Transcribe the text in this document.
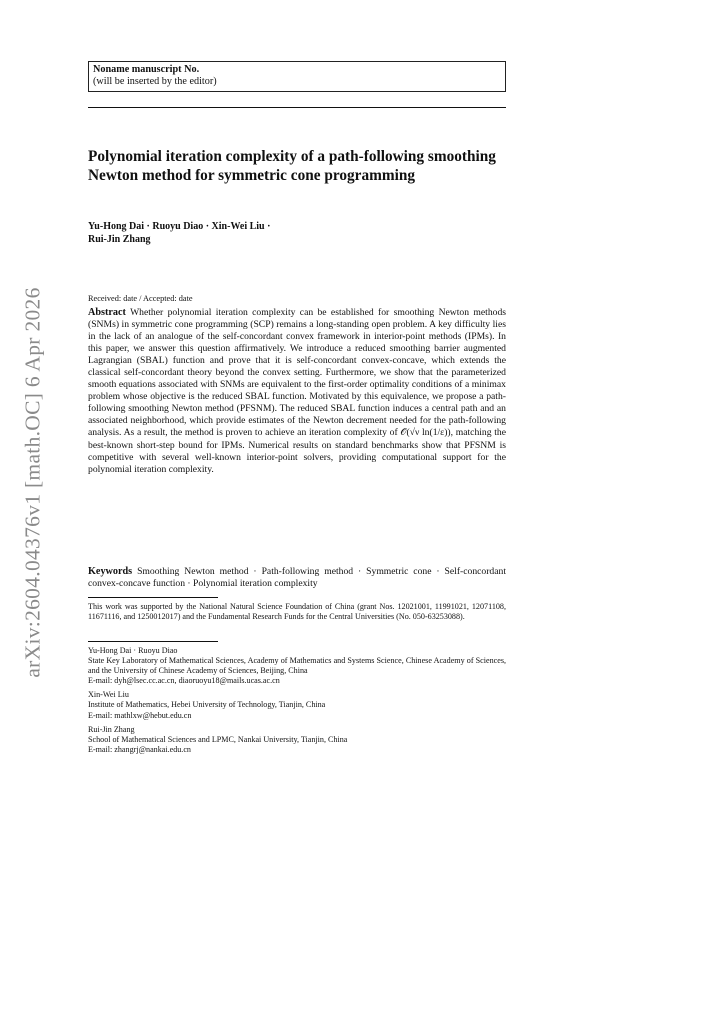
arXiv:2604.04376v1 [math.OC] 6 Apr 2026
Noname manuscript No.
(will be inserted by the editor)
Polynomial iteration complexity of a path-following smoothing Newton method for symmetric cone programming
Yu-Hong Dai · Ruoyu Diao · Xin-Wei Liu ·
Rui-Jin Zhang
Received: date / Accepted: date
Abstract Whether polynomial iteration complexity can be established for smoothing Newton methods (SNMs) in symmetric cone programming (SCP) remains a long-standing open problem. A key difficulty lies in the lack of an analogue of the self-concordant convex framework in interior-point methods (IPMs). In this paper, we answer this question affirmatively. We introduce a reduced smoothing barrier augmented Lagrangian (SBAL) function and prove that it is self-concordant convex-concave, which extends the classical self-concordant theory beyond the convex setting. Furthermore, we show that the parameterized smooth equations associated with SNMs are equivalent to the first-order optimality conditions of a minimax problem whose objective is the reduced SBAL function. Motivated by this equivalence, we propose a path-following smoothing Newton method (PFSNM). The reduced SBAL function induces a central path and an associated neighborhood, which provide estimates of the Newton decrement needed for the path-following analysis. As a result, the method is proven to achieve an iteration complexity of 𝒪(√ν ln(1/ε)), matching the best-known short-step bound for IPMs. Numerical results on standard benchmarks show that PFSNM is competitive with several well-known interior-point solvers, providing computational support for the polynomial iteration complexity.
Keywords Smoothing Newton method · Path-following method · Symmetric cone · Self-concordant convex-concave function · Polynomial iteration complexity
This work was supported by the National Natural Science Foundation of China (grant Nos. 12021001, 11991021, 12071108, 11671116, and 1250012017) and the Fundamental Research Funds for the Central Universities (No. 050-63253088).
Yu-Hong Dai · Ruoyu Diao
State Key Laboratory of Mathematical Sciences, Academy of Mathematics and Systems Science, Chinese Academy of Sciences, and the University of Chinese Academy of Sciences, Beijing, China
E-mail: dyh@lsec.cc.ac.cn, diaoruoyu18@mails.ucas.ac.cn
Xin-Wei Liu
Institute of Mathematics, Hebei University of Technology, Tianjin, China
E-mail: mathlxw@hebut.edu.cn
Rui-Jin Zhang
School of Mathematical Sciences and LPMC, Nankai University, Tianjin, China
E-mail: zhangrj@nankai.edu.cn
